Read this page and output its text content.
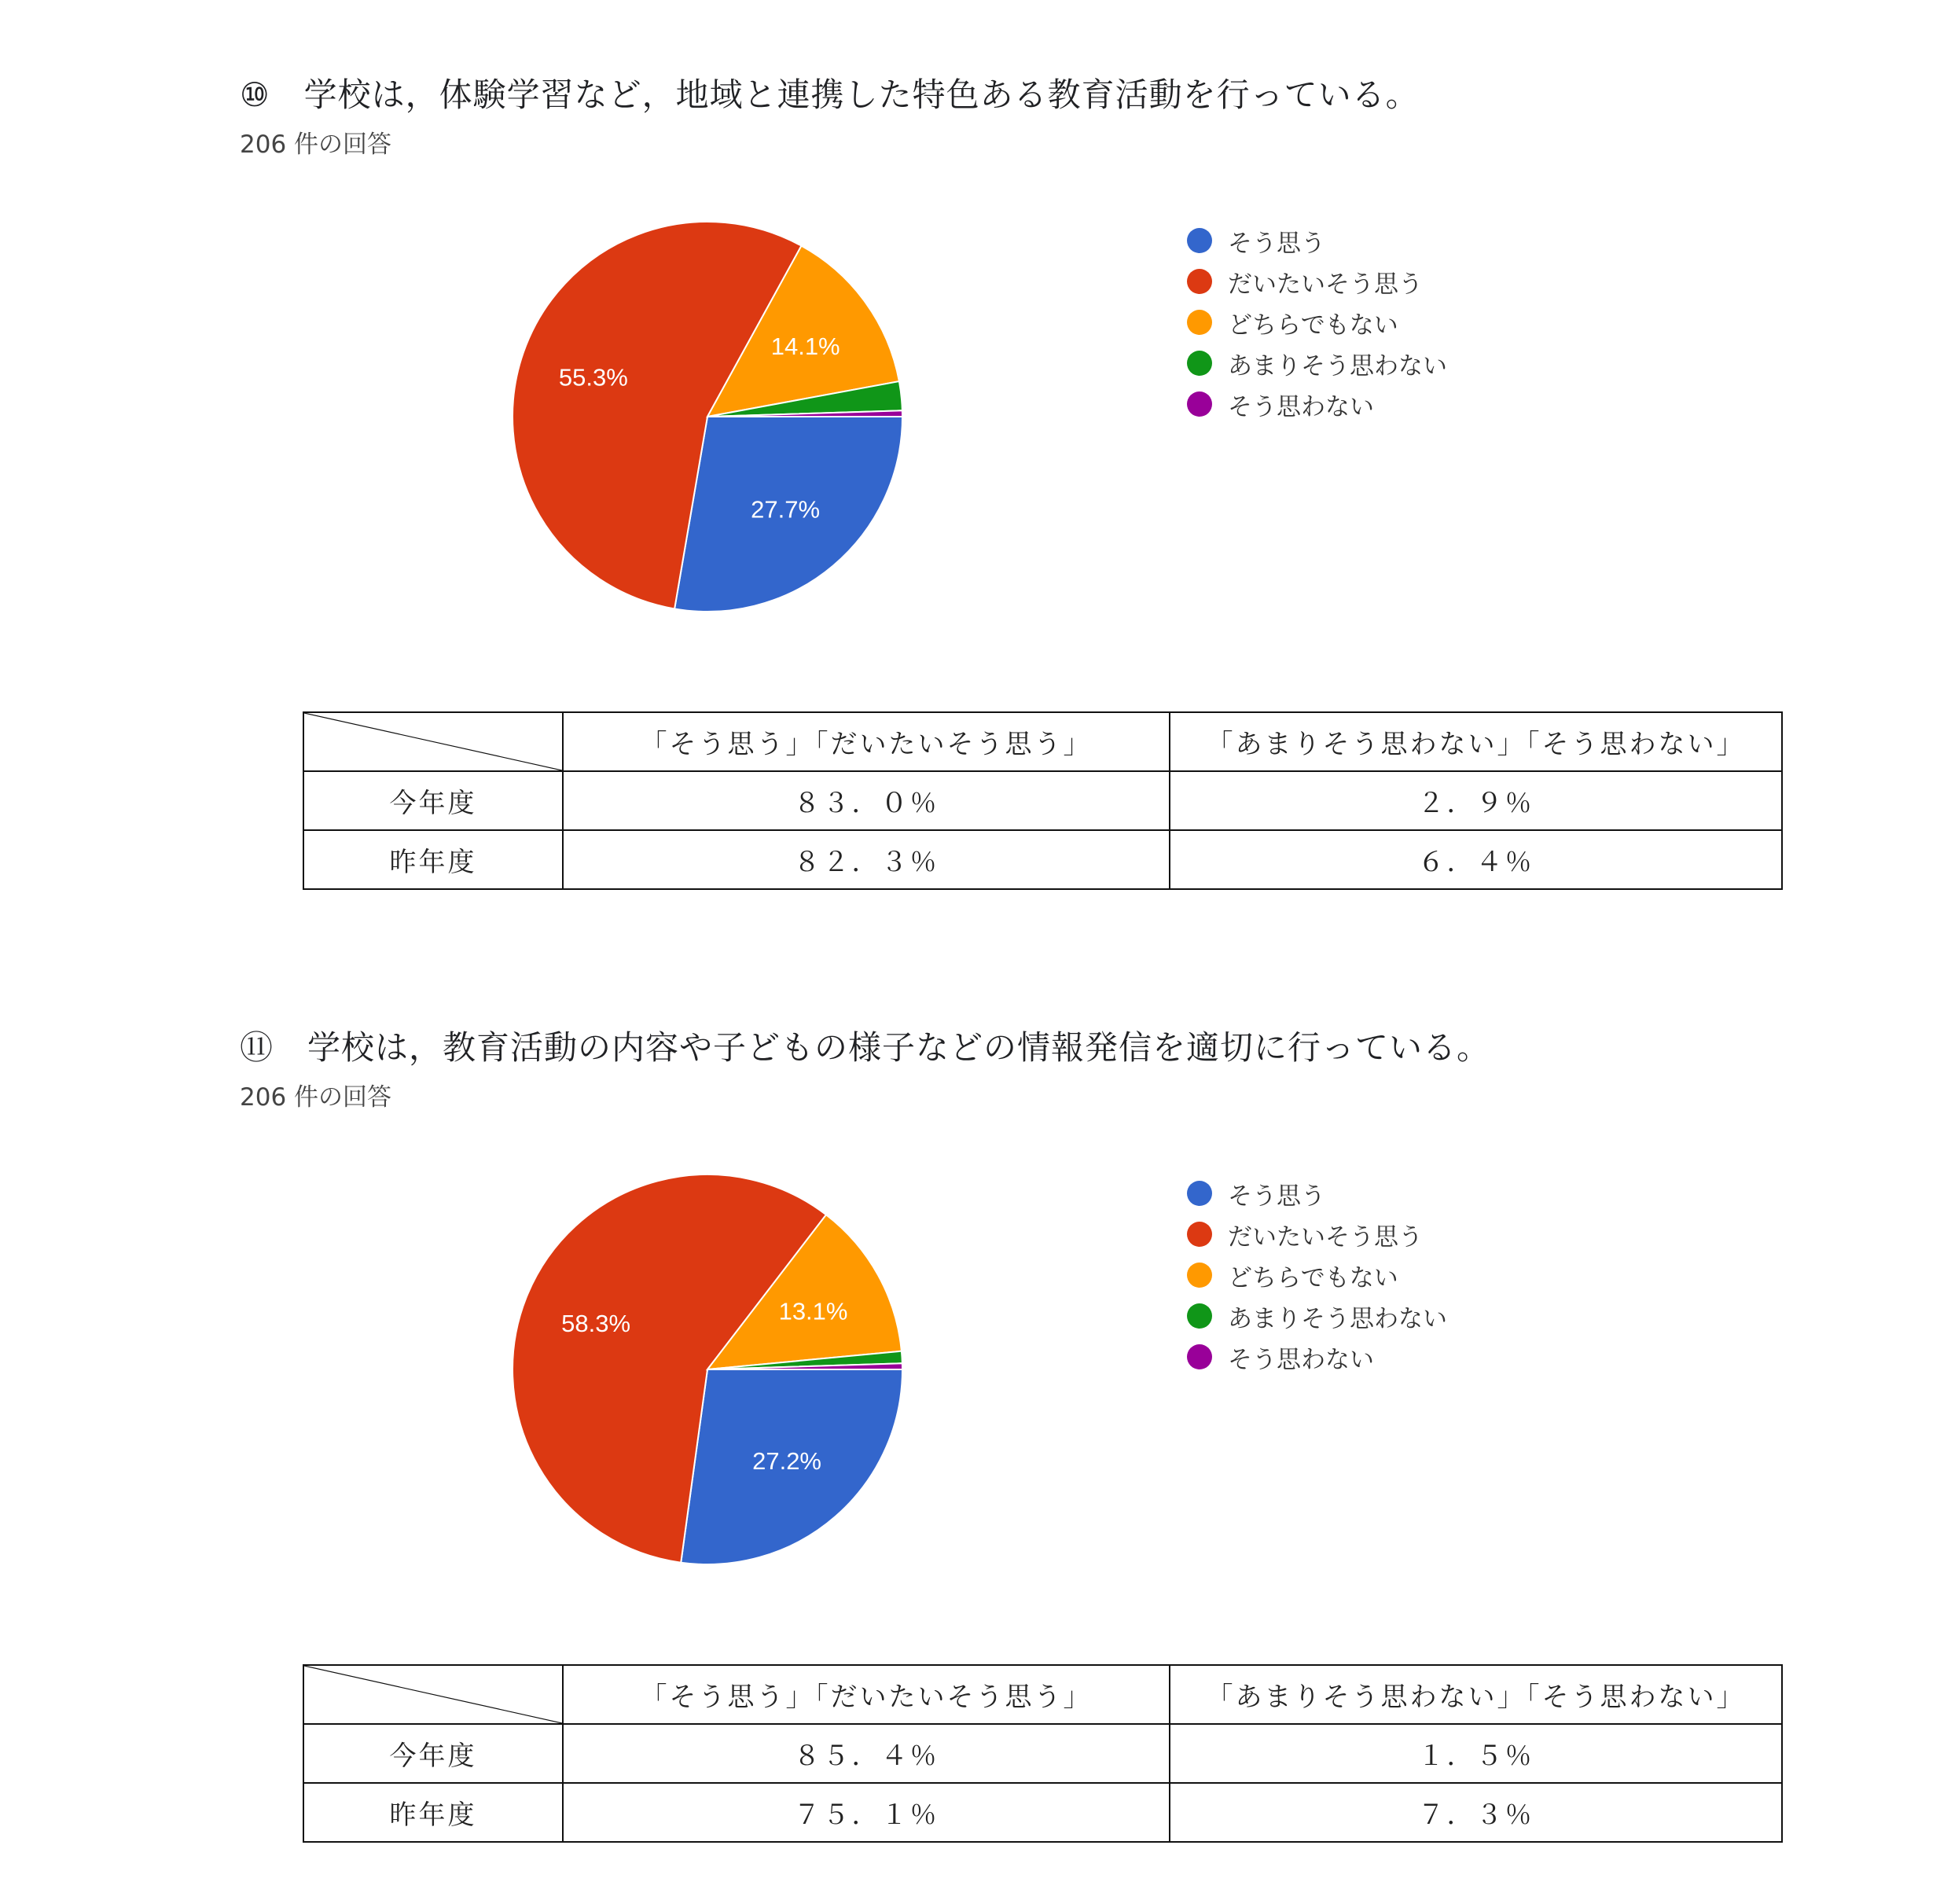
⑩　学校は，体験学習など，地域と連携した特色ある教育活動を行っている。
206 件の回答
27.7%
55.3%
14.1%
そう思う
だいたいそう思う
どちらでもない
あまりそう思わない
そう思わない
	「そう思う」「だいたいそう思う」	「あまりそう思わない」「そう思わない」
今年度	８３．０％	２．９％
昨年度	８２．３％	６．４％
⑪　学校は，教育活動の内容や子どもの様子などの情報発信を適切に行っている。
206 件の回答
27.2%
58.3%	13.1%
そう思う
だいたいそう思う
どちらでもない
あまりそう思わない
そう思わない
	「そう思う」「だいたいそう思う」	「あまりそう思わない」「そう思わない」
今年度	８５．４％	１．５％
昨年度	７５．１％	７．３％
